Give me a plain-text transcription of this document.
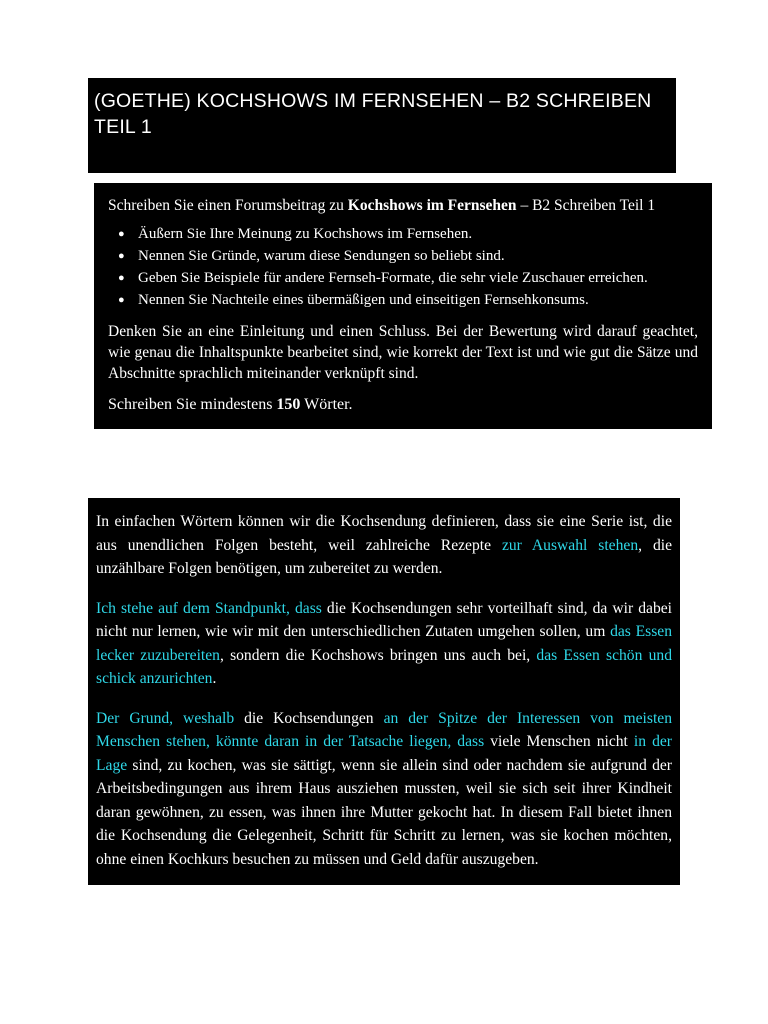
(GOETHE) KOCHSHOWS IM FERNSEHEN – B2 SCHREIBEN TEIL 1

Schreiben Sie einen Forumsbeitrag zu Kochshows im Fernsehen – B2 Schreiben Teil 1

● Äußern Sie Ihre Meinung zu Kochshows im Fernsehen.
● Nennen Sie Gründe, warum diese Sendungen so beliebt sind.
● Geben Sie Beispiele für andere Fernseh-Formate, die sehr viele Zuschauer erreichen.
● Nennen Sie Nachteile eines übermäßigen und einseitigen Fernsehkonsums.

Denken Sie an eine Einleitung und einen Schluss. Bei der Bewertung wird darauf geachtet, wie genau die Inhaltspunkte bearbeitet sind, wie korrekt der Text ist und wie gut die Sätze und Abschnitte sprachlich miteinander verknüpft sind.

Schreiben Sie mindestens 150 Wörter.

In einfachen Wörtern können wir die Kochsendung definieren, dass sie eine Serie ist, die aus unendlichen Folgen besteht, weil zahlreiche Rezepte zur Auswahl stehen, die unzählbare Folgen benötigen, um zubereitet zu werden.

Ich stehe auf dem Standpunkt, dass die Kochsendungen sehr vorteilhaft sind, da wir dabei nicht nur lernen, wie wir mit den unterschiedlichen Zutaten umgehen sollen, um das Essen lecker zuzubereiten, sondern die Kochshows bringen uns auch bei, das Essen schön und schick anzurichten.

Der Grund, weshalb die Kochsendungen an der Spitze der Interessen von meisten Menschen stehen, könnte daran in der Tatsache liegen, dass viele Menschen nicht in der Lage sind, zu kochen, was sie sättigt, wenn sie allein sind oder nachdem sie aufgrund der Arbeitsbedingungen aus ihrem Haus ausziehen mussten, weil sie sich seit ihrer Kindheit daran gewöhnen, zu essen, was ihnen ihre Mutter gekocht hat. In diesem Fall bietet ihnen die Kochsendung die Gelegenheit, Schritt für Schritt zu lernen, was sie kochen möchten, ohne einen Kochkurs besuchen zu müssen und Geld dafür auszugeben.
